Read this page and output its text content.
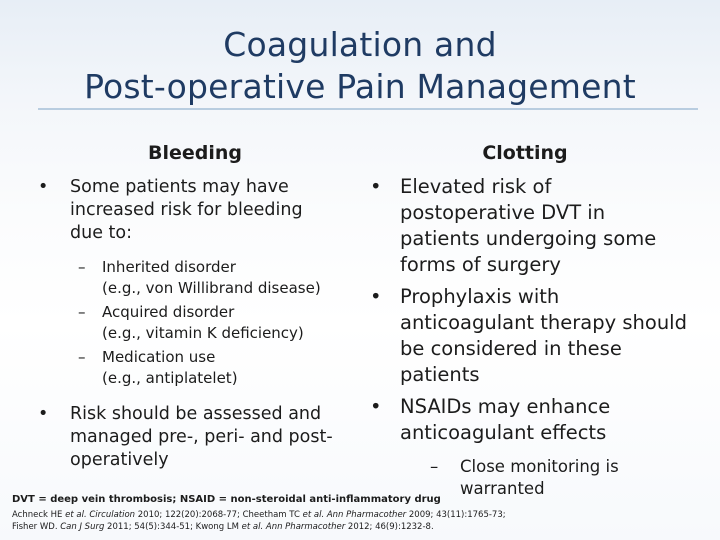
Coagulation and
Post-operative Pain Management
Bleeding	Clotting
• Some patients may have increased risk for bleeding due to:
– Inherited disorder
(e.g., von Willibrand disease)
– Acquired disorder
(e.g., vitamin K deficiency)
– Medication use
(e.g., antiplatelet)
• Risk should be assessed and managed pre-, peri- and post-operatively
• Elevated risk of postoperative DVT in patients undergoing some forms of surgery
• Prophylaxis with anticoagulant therapy should be considered in these patients
• NSAIDs may enhance anticoagulant effects
– Close monitoring is warranted
DVT = deep vein thrombosis; NSAID = non-steroidal anti-inflammatory drug
Achneck HE et al. Circulation 2010; 122(20):2068-77; Cheetham TC et al. Ann Pharmacother 2009; 43(11):1765-73;
Fisher WD. Can J Surg 2011; 54(5):344-51; Kwong LM et al. Ann Pharmacother 2012; 46(9):1232-8.
